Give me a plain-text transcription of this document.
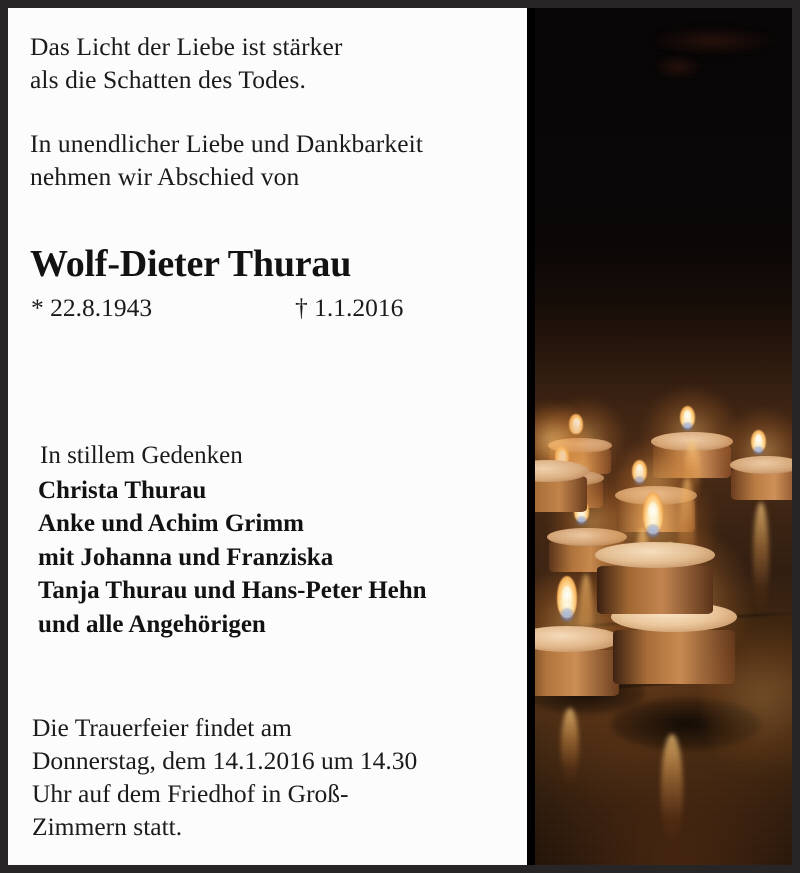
Das Licht der Liebe ist stärker
als die Schatten des Todes.
In unendlicher Liebe und Dankbarkeit
nehmen wir Abschied von
Wolf-Dieter Thurau
* 22.8.1943	† 1.1.2016
In stillem Gedenken
Christa Thurau
Anke und Achim Grimm
mit Johanna und Franziska
Tanja Thurau und Hans-Peter Hehn
und alle Angehörigen
Die Trauerfeier findet am
Donnerstag, dem 14.1.2016 um 14.30
Uhr auf dem Friedhof in Groß-
Zimmern statt.
